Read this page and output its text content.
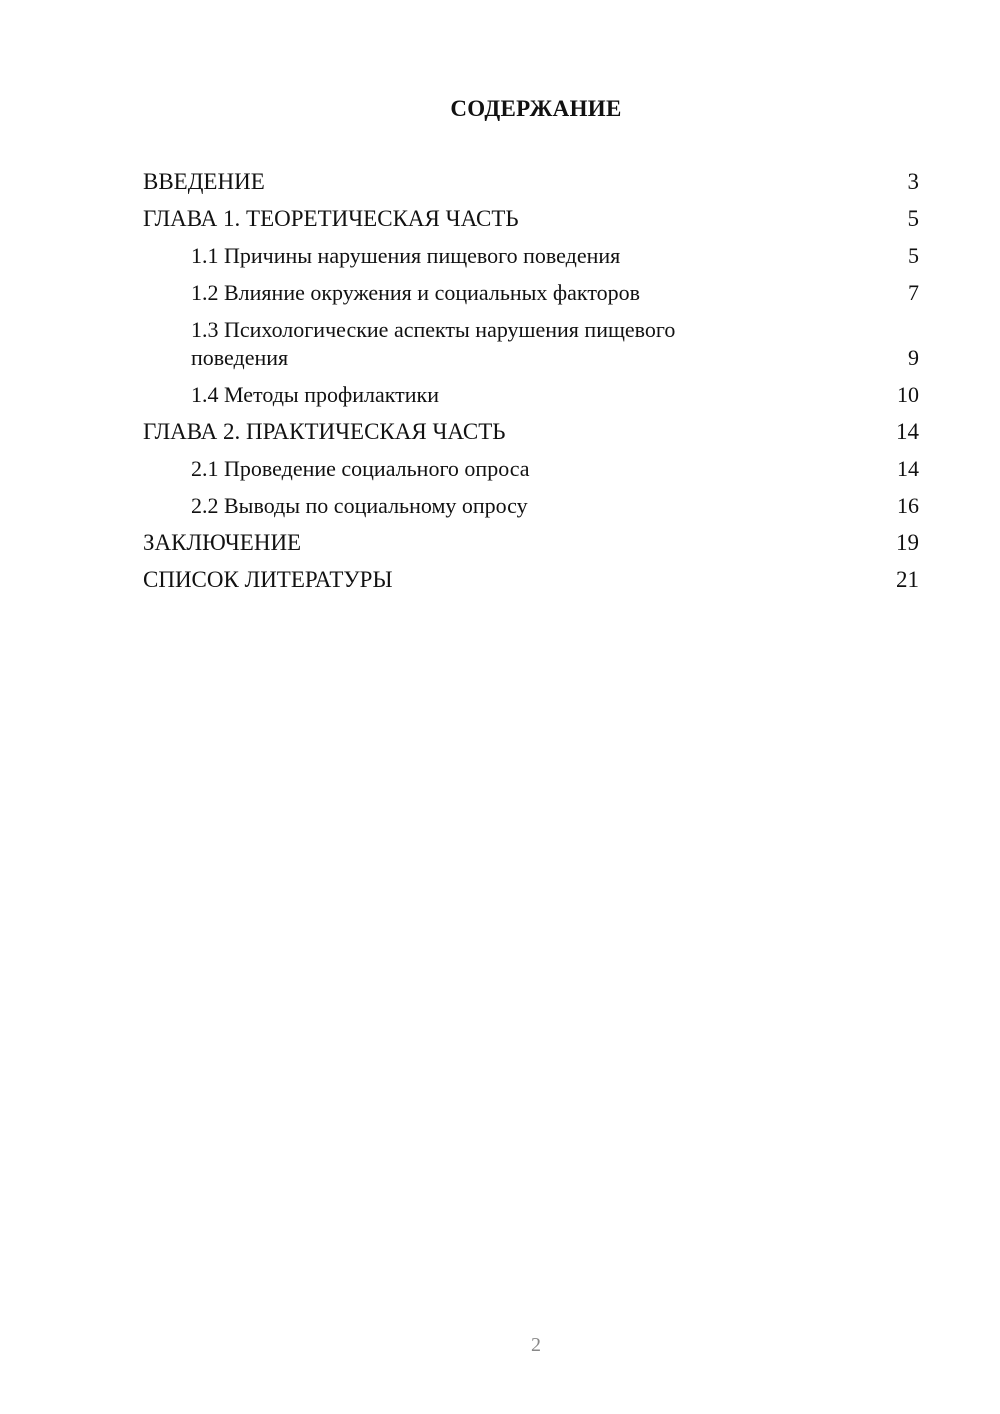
СОДЕРЖАНИЕ
ВВЕДЕНИЕ	3
ГЛАВА 1. ТЕОРЕТИЧЕСКАЯ ЧАСТЬ	5
1.1 Причины нарушения пищевого поведения	5
1.2 Влияние окружения и социальных факторов	7
1.3 Психологические аспекты нарушения пищевого поведения	9
1.4 Методы профилактики	10
ГЛАВА 2. ПРАКТИЧЕСКАЯ ЧАСТЬ	14
2.1 Проведение социального опроса	14
2.2 Выводы по социальному опросу	16
ЗАКЛЮЧЕНИЕ	19
СПИСОК ЛИТЕРАТУРЫ	21
2
